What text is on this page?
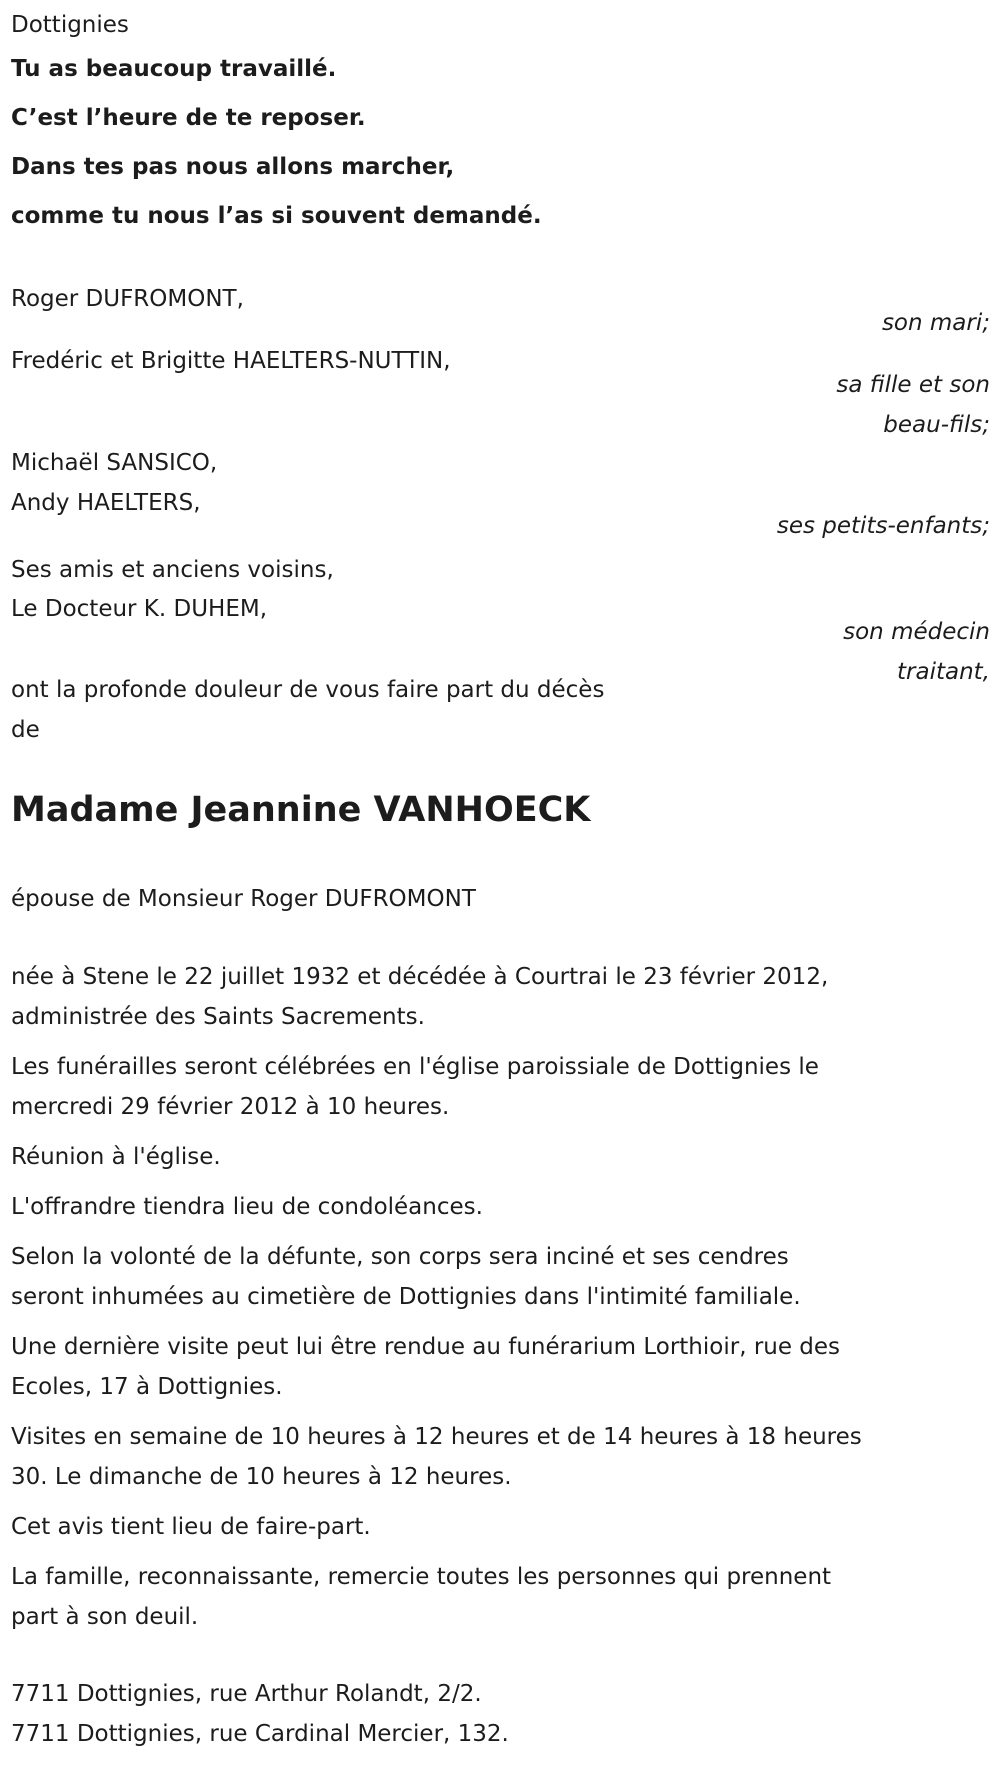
Dottignies

Tu as beaucoup travaillé.

C’est l’heure de te reposer.

Dans tes pas nous allons marcher,

comme tu nous l’as si souvent demandé.

Roger DUFROMONT,

son mari;

Fredéric et Brigitte HAELTERS-NUTTIN,

sa fille et son

beau-fils;

Michaël SANSICO,

Andy HAELTERS,

ses petits-enfants;

Ses amis et anciens voisins,

Le Docteur K. DUHEM,

son médecin

traitant,

ont la profonde douleur de vous faire part du décès

de

Madame Jeannine VANHOECK

épouse de Monsieur Roger DUFROMONT

née à Stene le 22 juillet 1932 et décédée à Courtrai le 23 février 2012,

administrée des Saints Sacrements.

Les funérailles seront célébrées en l'église paroissiale de Dottignies le

mercredi 29 février 2012 à 10 heures.

Réunion à l'église.

L'offrandre tiendra lieu de condoléances.

Selon la volonté de la défunte, son corps sera inciné et ses cendres

seront inhumées au cimetière de Dottignies dans l'intimité familiale.

Une dernière visite peut lui être rendue au funérarium Lorthioir, rue des

Ecoles, 17 à Dottignies.

Visites en semaine de 10 heures à 12 heures et de 14 heures à 18 heures

30. Le dimanche de 10 heures à 12 heures.

Cet avis tient lieu de faire-part.

La famille, reconnaissante, remercie toutes les personnes qui prennent

part à son deuil.

7711 Dottignies, rue Arthur Rolandt, 2/2.

7711 Dottignies, rue Cardinal Mercier, 132.
